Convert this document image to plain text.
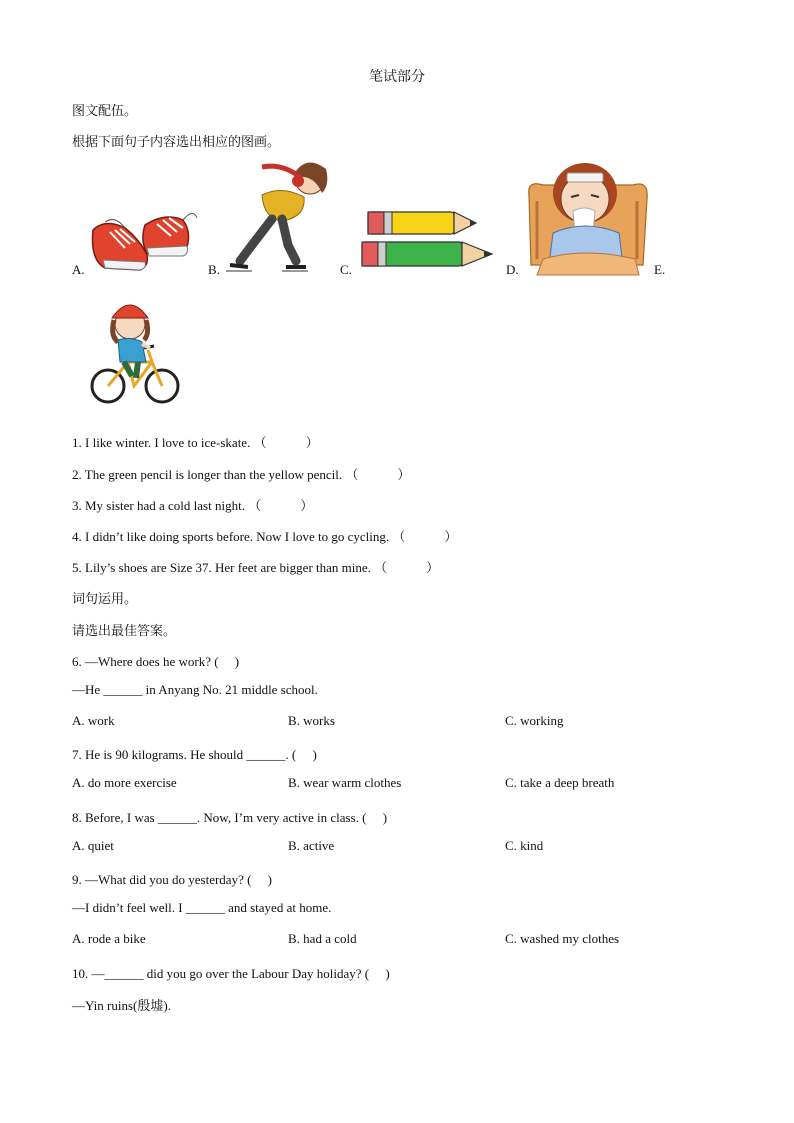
笔试部分
图文配伍。
根据下面句子内容选出相应的图画。
A.	B.	C.	D.	E.
1. I like winter. I love to ice-skate. （　　　）
2. The green pencil is longer than the yellow pencil. （　　　）
3. My sister had a cold last night. （　　　）
4. I didn’t like doing sports before. Now I love to go cycling. （　　　）
5. Lily’s shoes are Size 37. Her feet are bigger than mine. （　　　）
词句运用。
请选出最佳答案。
6. —Where does he work? (　 )
—He ______ in Anyang No. 21 middle school.
A. work	B. works	C. working
7. He is 90 kilograms. He should ______. (　 )
A. do more exercise	B. wear warm clothes	C. take a deep breath
8. Before, I was ______. Now, I’m very active in class. (　 )
A. quiet	B. active	C. kind
9. —What did you do yesterday? (　 )
—I didn’t feel well. I ______ and stayed at home.
A. rode a bike	B. had a cold	C. washed my clothes
10. —______ did you go over the Labour Day holiday? (　 )
—Yin ruins(殷墟).
